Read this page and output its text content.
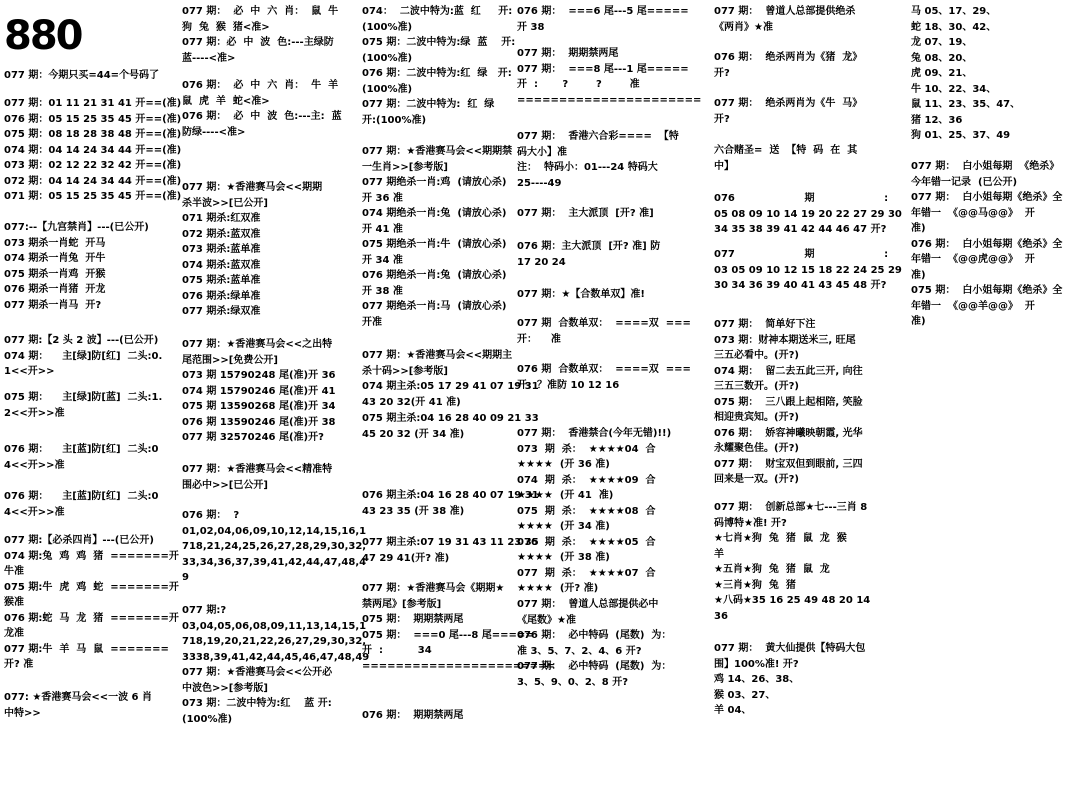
880
077 期：今期只买=44=个号码了
077 期：01 11 21 31 41 开==(准)
076 期：05 15 25 35 45 开==(准)
075 期：08 18 28 38 48 开==(准)
074 期：04 14 24 34 44 开==(准)
073 期：02 12 22 32 42 开==(准)
072 期：04 14 24 34 44 开==(准)
071 期：05 15 25 35 45 开==(准)
077:--【九宫禁肖】---(已公开)
073 期杀一肖蛇  开马
074 期杀一肖兔  开牛
075 期杀一肖鸡  开猴
076 期杀一肖猪  开龙
077 期杀一肖马  开?
077 期:【2 头 2 波】---(已公开)
074 期：    主[绿]防[红]  二头:0.
1<<开>>
075 期：    主[绿]防[蓝]  二头:1.
2<<开>>准
076 期：    主[蓝]防[红]  二头:0
4<<开>>准
076 期：    主[蓝]防[红]  二头:0
4<<开>>准
077 期:【必杀四肖】---(已公开)
074 期:兔  鸡  鸡  猪  =======开
牛准
075 期:牛  虎  鸡  蛇  =======开
猴准
076 期:蛇  马  龙  猪  =======开
龙准
077 期:牛  羊  马  鼠  =======
开? 准
077: ★香港赛马会<<一波 6 肖
中特>>
077 期：  必  中  六  肖：  鼠  牛
狗  兔  猴  猪<准>
077 期：必  中  波  色:---主绿防
蓝----<准>
076 期：  必  中  六  肖：  牛  羊
鼠  虎  羊  蛇<准>
076 期：  必  中  波  色:---主:  蓝
防绿----<准>
077 期：★香港赛马会<<期期
杀半波>>[已公开]
071 期杀:红双准
072 期杀:蓝双准
073 期杀:蓝单准
074 期杀:蓝双准
075 期杀:蓝单准
076 期杀:绿单准
077 期杀:绿双准
077 期：★香港赛马会<<之出特
尾范围>>[免费公开]
073 期 15790248 尾(准)开 36
074 期 15790246 尾(准)开 41
075 期 13590268 尾(准)开 34
076 期 13590246 尾(准)开 38
077 期 32570246 尾(准)开?
077 期：★香港赛马会<<精准特
围必中>>[已公开]
076 期：  ?
01,02,04,06,09,10,12,14,15,16,1
718,21,24,25,26,27,28,29,30,32,
33,34,36,37,39,41,42,44,47,48,4
9
077 期:?
03,04,05,06,08,09,11,13,14,15,1
718,19,20,21,22,26,27,29,30,32,
3338,39,41,42,44,45,46,47,48,49
077 期：★香港赛马会<<公开必
中波色>>[参考版]
073 期：二波中特为:红    蓝 开:
(100%准)
074：  二波中特为:蓝  红     开:
(100%准)
075 期：二波中特为:绿  蓝    开:
(100%准)
076 期：二波中特为:红  绿   开:
(100%准)
077 期：二波中特为:  红  绿
开:(100%准)
077 期：★香港赛马会<<期期禁
一生肖>>[参考版]
077 期绝杀一肖:鸡  (请放心杀)
开 36 准
074 期绝杀一肖:兔  (请放心杀)
开 41 准
075 期绝杀一肖:牛  (请放心杀)
开 34 准
076 期绝杀一肖:兔  (请放心杀)
开 38 准
077 期绝杀一肖:马  (请放心杀)
开准
077 期：★香港赛马会<<期期主
杀十码>>[参考版]
074 期主杀:05 17 29 41 07 19 31
43 20 32(开 41 准)
075 期主杀:04 16 28 40 09 21 33
45 20 32 (开 34 准)
076 期主杀:04 16 28 40 07 19 31
43 23 35 (开 38 准)
077 期主杀:07 19 31 43 11 23 35
47 29 41(开? 准)
077 期：★香港赛马会《期期★
禁两尾》[参考版]
075 期：  期期禁两尾
075 期：  ===0 尾---8 尾=====
开  :          34
=======================
076 期：  期期禁两尾
076 期：  ===6 尾---5 尾=====
开 38
077 期：  期期禁两尾
077 期：  ===8 尾---1 尾=====
开  :       ?        ?        准
======================
077 期：  香港六合彩====  【特
码大小】准
注：  特码小：01---24 特码大
25----49
077 期：  主大派顶  [开? 准]
076 期：主大派顶  [开? 准] 防
17 20 24
077 期：★【合数单双】准!
077 期  合数单双：  ====双  ===
开：    准
076 期  合数单双：  ====双  ===
开：？准防 10 12 16
077 期：  香港禁合(今年无错)!!)
073  期  杀：  ★★★★04  合
★★★★  (开 36 准)
074  期  杀：  ★★★★09  合
★★★★  (开 41  准)
075  期  杀：  ★★★★08  合
★★★★  (开 34 准)
076  期  杀：  ★★★★05  合
★★★★  (开 38 准)
077  期  杀：  ★★★★07  合
★★★★  (开? 准)
077 期：  曾道人总部提供必中
《尾数》★准
076 期：  必中特码  (尾数)  为：
准 3、5、7、2、4、6 开?
077 期：  必中特码  (尾数)  为：
3、5、9、0、2、8 开?
077 期：  曾道人总部提供绝杀
《两肖》★准
076 期：  绝杀两肖为《猪  龙》
开?
077 期：  绝杀两肖为《牛  马》
开?
六合赌圣=  送  【特  码  在  其
中】
076                    期                    :
05 08 09 10 14 19 20 22 27 29 30
34 35 38 39 41 42 44 46 47 开?
077                    期                    :
03 05 09 10 12 15 18 22 24 25 29
30 34 36 39 40 41 43 45 48 开?
077 期：  简单好下注
073 期：财神本期送米三, 旺尾
三五必看中。(开?)
074 期：  留二去五此三开, 向往
三五三数开。(开?)
075 期：  三八跟上起相陪, 笑脸
相迎贵宾知。(开?)
076 期：  娇容神曦映朝霞, 光华
永耀聚色佳。(开?)
077 期：  财宝双但到眼前, 三四
回来是一双。(开?)
077 期：  创新总部★七---三肖 8
码博特★准! 开?
★七肖★狗  兔  猪  鼠  龙  猴
羊
★五肖★狗  兔  猪  鼠  龙
★三肖★狗  兔  猪
★八码★35 16 25 49 48 20 14
36
077 期：  黄大仙提供【特码大包
围】100%准! 开?
鸡 14、26、38、
猴 03、27、
羊 04、
马 05、17、29、
蛇 18、30、42、
龙 07、19、
兔 08、20、
虎 09、21、
牛 10、22、34、
鼠 11、23、35、47、
猪 12、36
狗 01、25、37、49
077 期：  白小姐每期  《绝杀》
今年错一记录  (已公开)
077 期：  白小姐每期《绝杀》全
年错一  《@@马@@》  开
准)
076 期：  白小姐每期《绝杀》全
年错一  《@@虎@@》  开
准)
075 期：  白小姐每期《绝杀》全
年错一  《@@羊@@》  开
准)
